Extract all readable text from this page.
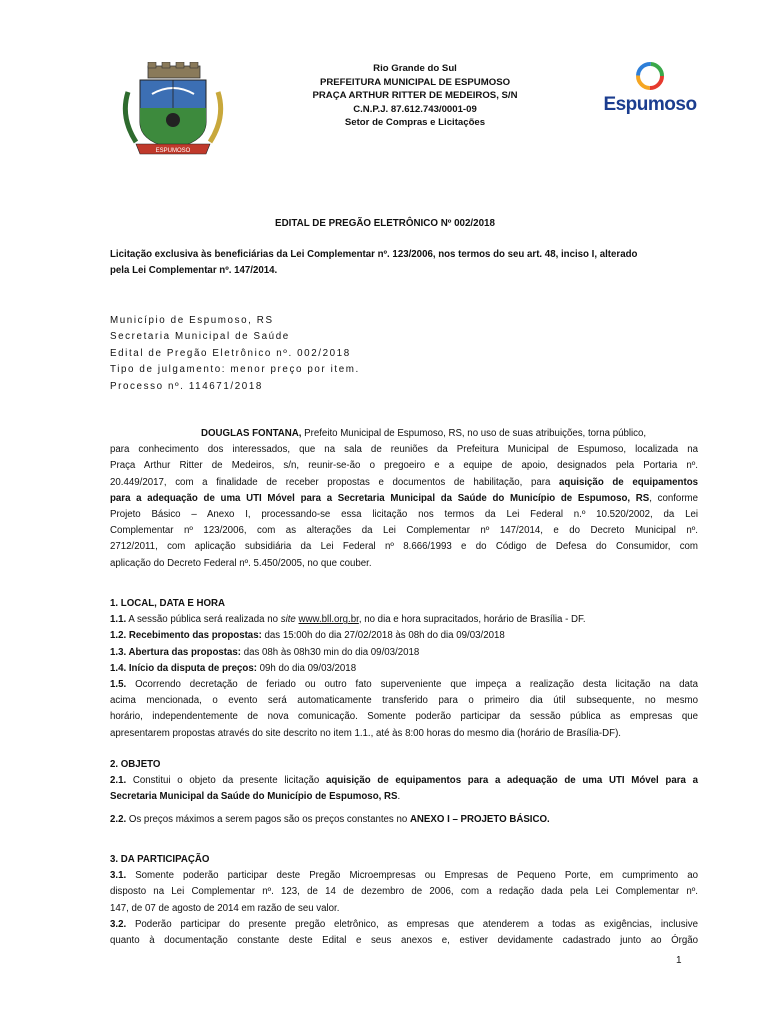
ESPUMOSO
Rio Grande do Sul
PREFEITURA MUNICIPAL DE ESPUMOSO
PRAÇA ARTHUR RITTER DE MEDEIROS, S/N
C.N.P.J. 87.612.743/0001-09
Setor de Compras e Licitações
Espumoso
EDITAL DE PREGÃO ELETRÔNICO Nº 002/2018
Licitação exclusiva às beneficiárias da Lei Complementar nº. 123/2006, nos termos do seu art. 48, inciso I, alterado
pela Lei Complementar nº. 147/2014.
Município de Espumoso, RS
Secretaria Municipal de Saúde
Edital de Pregão Eletrônico nº. 002/2018
Tipo de julgamento: menor preço por item.
Processo nº. 114671/2018
DOUGLAS FONTANA, Prefeito Municipal de Espumoso, RS, no uso de suas atribuições, torna público,
para conhecimento dos interessados, que na sala de reuniões da Prefeitura Municipal de Espumoso, localizada na
Praça Arthur Ritter de Medeiros, s/n, reunir-se-ão o pregoeiro e a equipe de apoio, designados pela Portaria nº.
20.449/2017, com a finalidade de receber propostas e documentos de habilitação, para aquisição de equipamentos
para a adequação de uma UTI Móvel para a Secretaria Municipal da Saúde do Município de Espumoso, RS, conforme
Projeto Básico – Anexo I, processando-se essa licitação nos termos da Lei Federal n.º 10.520/2002, da Lei
Complementar nº 123/2006, com as alterações da Lei Complementar nº 147/2014, e do Decreto Municipal nº.
2712/2011, com aplicação subsidiária da Lei Federal nº 8.666/1993 e do Código de Defesa do Consumidor, com
aplicação do Decreto Federal nº. 5.450/2005, no que couber.
1. LOCAL, DATA E HORA
1.1. A sessão pública será realizada no site www.bll.org.br, no dia e hora supracitados, horário de Brasília - DF.
1.2. Recebimento das propostas: das 15:00h do dia 27/02/2018 às 08h do dia 09/03/2018
1.3. Abertura das propostas: das 08h às 08h30 min do dia 09/03/2018
1.4. Início da disputa de preços: 09h do dia 09/03/2018
1.5. Ocorrendo decretação de feriado ou outro fato superveniente que impeça a realização desta licitação na data
acima mencionada, o evento será automaticamente transferido para o primeiro dia útil subsequente, no mesmo
horário, independentemente de nova comunicação. Somente poderão participar da sessão pública as empresas que
apresentarem propostas através do site descrito no item 1.1., até às 8:00 horas do mesmo dia (horário de Brasília-DF).
2. OBJETO
2.1. Constitui o objeto da presente licitação aquisição de equipamentos para a adequação de uma UTI Móvel para a
Secretaria Municipal da Saúde do Município de Espumoso, RS.
2.2. Os preços máximos a serem pagos são os preços constantes no ANEXO I – PROJETO BÁSICO.
3. DA PARTICIPAÇÃO
3.1. Somente poderão participar deste Pregão Microempresas ou Empresas de Pequeno Porte, em cumprimento ao
disposto na Lei Complementar nº. 123, de 14 de dezembro de 2006, com a redação dada pela Lei Complementar nº.
147, de 07 de agosto de 2014 em razão de seu valor.
3.2. Poderão participar do presente pregão eletrônico, as empresas que atenderem a todas as exigências, inclusive
quanto à documentação constante deste Edital e seus anexos e, estiver devidamente cadastrado junto ao Órgão
1
